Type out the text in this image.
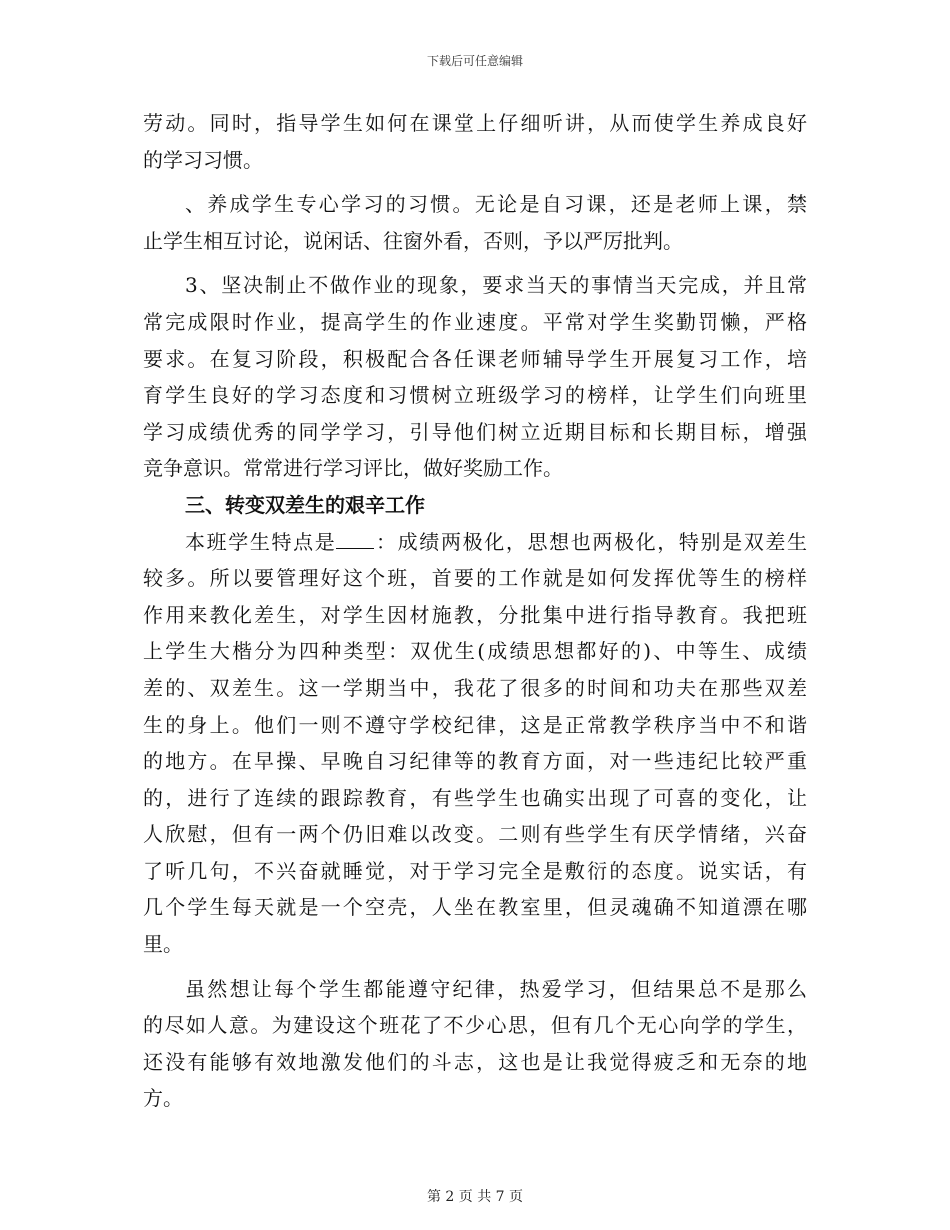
下载后可任意编辑
劳动。同时，指导学生如何在课堂上仔细听讲，从而使学生养成良好
的学习习惯。
、养成学生专心学习的习惯。无论是自习课，还是老师上课，禁
止学生相互讨论，说闲话、往窗外看，否则，予以严厉批判。
3、坚决制止不做作业的现象，要求当天的事情当天完成，并且常
常完成限时作业，提高学生的作业速度。平常对学生奖勤罚懒，严格
要求。在复习阶段，积极配合各任课老师辅导学生开展复习工作，培
育学生良好的学习态度和习惯树立班级学习的榜样，让学生们向班里
学习成绩优秀的同学学习，引导他们树立近期目标和长期目标，增强
竞争意识。常常进行学习评比，做好奖励工作。
三、转变双差生的艰辛工作
本班学生特点是 ：成绩两极化，思想也两极化，特别是双差生
较多。所以要管理好这个班，首要的工作就是如何发挥优等生的榜样
作用来教化差生，对学生因材施教，分批集中进行指导教育。我把班
上学生大楷分为四种类型：双优生(成绩思想都好的)、中等生、成绩
差的、双差生。这一学期当中，我花了很多的时间和功夫在那些双差
生的身上。他们一则不遵守学校纪律，这是正常教学秩序当中不和谐
的地方。在早操、早晚自习纪律等的教育方面，对一些违纪比较严重
的，进行了连续的跟踪教育，有些学生也确实出现了可喜的变化，让
人欣慰，但有一两个仍旧难以改变。二则有些学生有厌学情绪，兴奋
了听几句，不兴奋就睡觉，对于学习完全是敷衍的态度。说实话，有
几个学生每天就是一个空壳，人坐在教室里，但灵魂确不知道漂在哪
里。
虽然想让每个学生都能遵守纪律，热爱学习，但结果总不是那么
的尽如人意。为建设这个班花了不少心思，但有几个无心向学的学生，
还没有能够有效地激发他们的斗志，这也是让我觉得疲乏和无奈的地
方。
第 2 页 共 7 页
